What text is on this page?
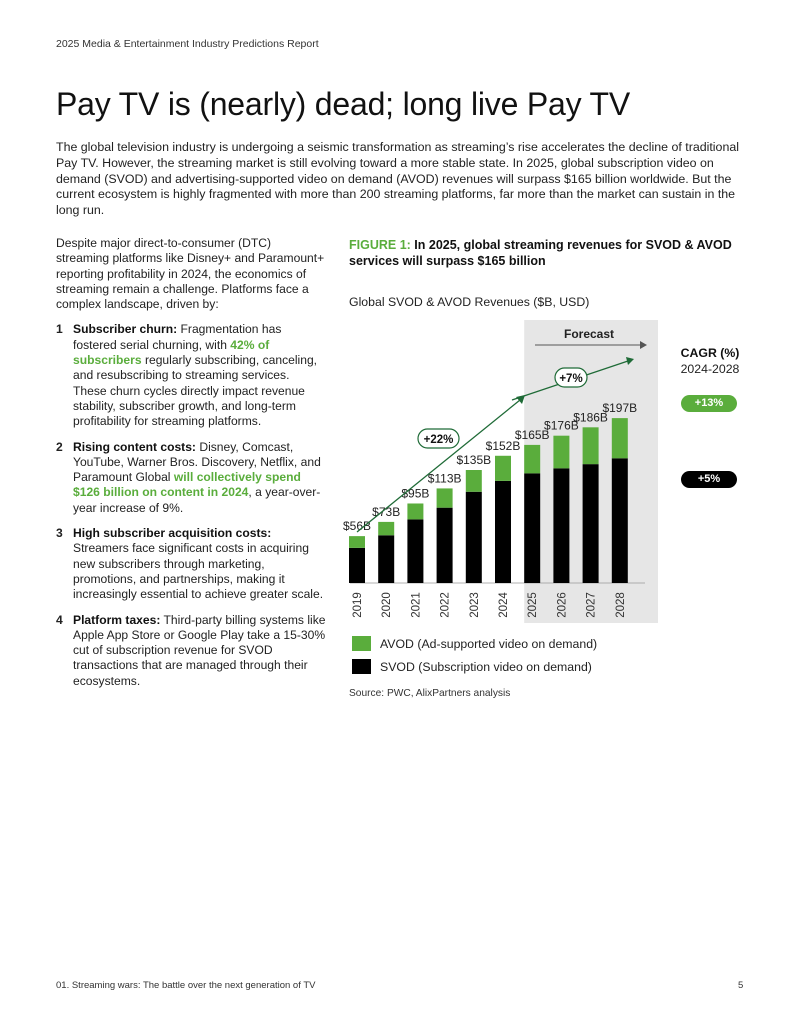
2025 Media & Entertainment Industry Predictions Report
Pay TV is (nearly) dead; long live Pay TV
The global television industry is undergoing a seismic transformation as streaming’s rise accelerates the decline of traditional Pay TV. However, the streaming market is still evolving toward a more stable state. In 2025, global subscription video on demand (SVOD) and advertising-supported video on demand (AVOD) revenues will surpass $165 billion worldwide. But the current ecosystem is highly fragmented with more than 200 streaming platforms, far more than the market can sustain in the long run.

Despite major direct-to-consumer (DTC) streaming platforms like Disney+ and Paramount+ reporting profitability in 2024, the economics of streaming remain a challenge. Platforms face a complex landscape, driven by:

1 Subscriber churn: Fragmentation has fostered serial churning, with 42% of subscribers regularly subscribing, canceling, and resubscribing to streaming services. These churn cycles directly impact revenue stability, subscriber growth, and long-term profitability for streaming platforms.
2 Rising content costs: Disney, Comcast, YouTube, Warner Bros. Discovery, Netflix, and Paramount Global will collectively spend $126 billion on content in 2024, a year-over-year increase of 9%.
3 High subscriber acquisition costs: Streamers face significant costs in acquiring new subscribers through marketing, promotions, and partnerships, making it increasingly essential to achieve greater scale.
4 Platform taxes: Third-party billing systems like Apple App Store or Google Play take a 15-30% cut of subscription revenue for SVOD transactions that are managed through their ecosystems.
FIGURE 1: In 2025, global streaming revenues for SVOD & AVOD services will surpass $165 billion
Global SVOD & AVOD Revenues ($B, USD)
Forecast
$56B
2019
$73B
2020
$95B
2021
$113B
2022
$135B
2023
$152B
2024
$165B
2025
$176B
2026
$186B
2027
$197B
2028
+22%
+7%
CAGR (%)
2024-2028
+13%
+5%
AVOD (Ad-supported video on demand)
SVOD (Subscription video on demand)
Source: PWC, AlixPartners analysis
01. Streaming wars: The battle over the next generation of TV	5
